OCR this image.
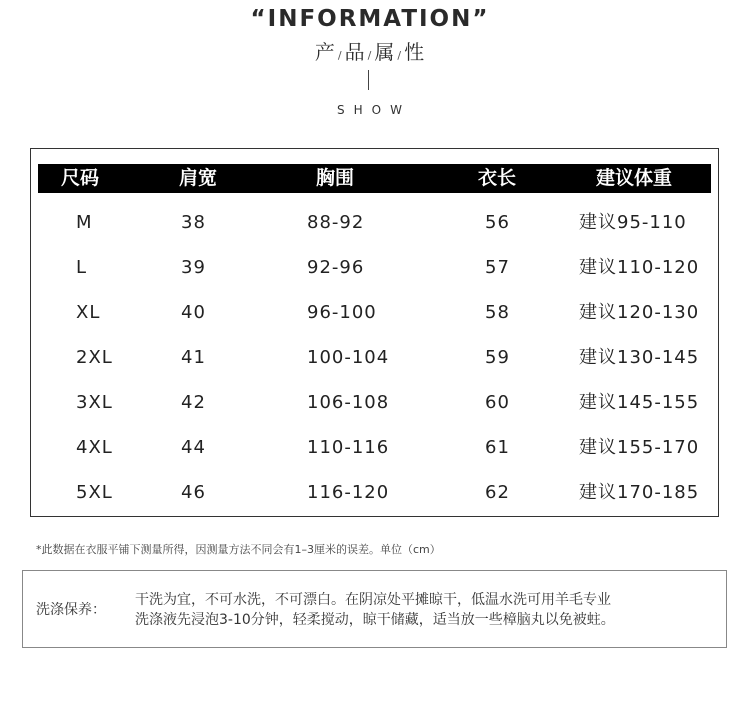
“INFORMATION”
产 / 品 / 属 / 性
SHOW
尺码	肩宽	胸围	衣长	建议体重
M	38	88-92	56	建议95-110
L	39	92-96	57	建议110-120
XL	40	96-100	58	建议120-130
2XL	41	100-104	59	建议130-145
3XL	42	106-108	60	建议145-155
4XL	44	110-116	61	建议155-170
5XL	46	116-120	62	建议170-185
*此数据在衣服平铺下测量所得，因测量方法不同会有1–3厘米的误差。单位（cm）
洗涤保养：
干洗为宜，不可水洗，不可漂白。在阴凉处平摊晾干，低温水洗可用羊毛专业
洗涤液先浸泡3-10分钟，轻柔搅动，晾干储藏，适当放一些樟脑丸以免被蛀。
